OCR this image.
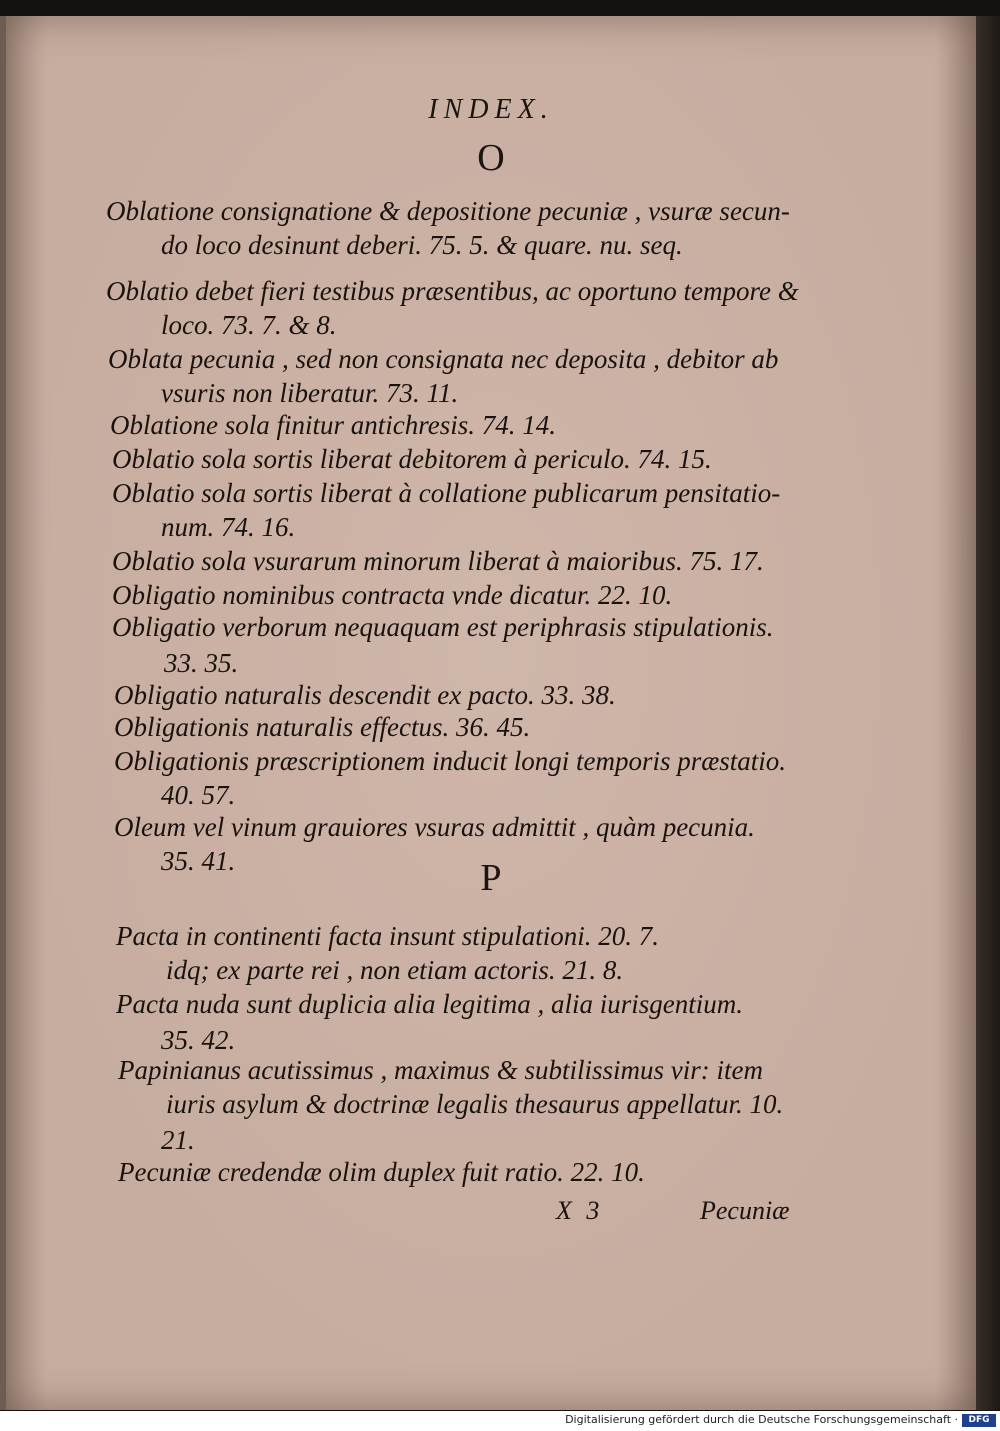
INDEX.
O
Oblatione consignatione & depositione pecuniæ , vsuræ secun-
do loco desinunt deberi. 75. 5. & quare. nu. seq.
Oblatio debet fieri testibus præsentibus, ac oportuno tempore &
loco. 73. 7. & 8.
Oblata pecunia , sed non consignata nec deposita , debitor ab
vsuris non liberatur. 73. 11.
Oblatione sola finitur antichresis. 74. 14.
Oblatio sola sortis liberat debitorem à periculo. 74. 15.
Oblatio sola sortis liberat à collatione publicarum pensitatio-
num. 74. 16.
Oblatio sola vsurarum minorum liberat à maioribus. 75. 17.
Obligatio nominibus contracta vnde dicatur. 22. 10.
Obligatio verborum nequaquam est periphrasis stipulationis.
33. 35.
Obligatio naturalis descendit ex pacto. 33. 38.
Obligationis naturalis effectus. 36. 45.
Obligationis præscriptionem inducit longi temporis præstatio.
40. 57.
Oleum vel vinum grauiores vsuras admittit , quàm pecunia.
35. 41.	P
Pacta in continenti facta insunt stipulationi. 20. 7.
idq; ex parte rei , non etiam actoris. 21. 8.
Pacta nuda sunt duplicia alia legitima , alia iurisgentium.
35. 42.
Papinianus acutissimus , maximus & subtilissimus vir: item
iuris asylum & doctrinæ legalis thesaurus appellatur. 10.
21.
Pecuniæ credendæ olim duplex fuit ratio. 22. 10.
X 3	Pecuniæ
Digitalisierung gefördert durch die Deutsche Forschungsgemeinschaft ·	DFG
